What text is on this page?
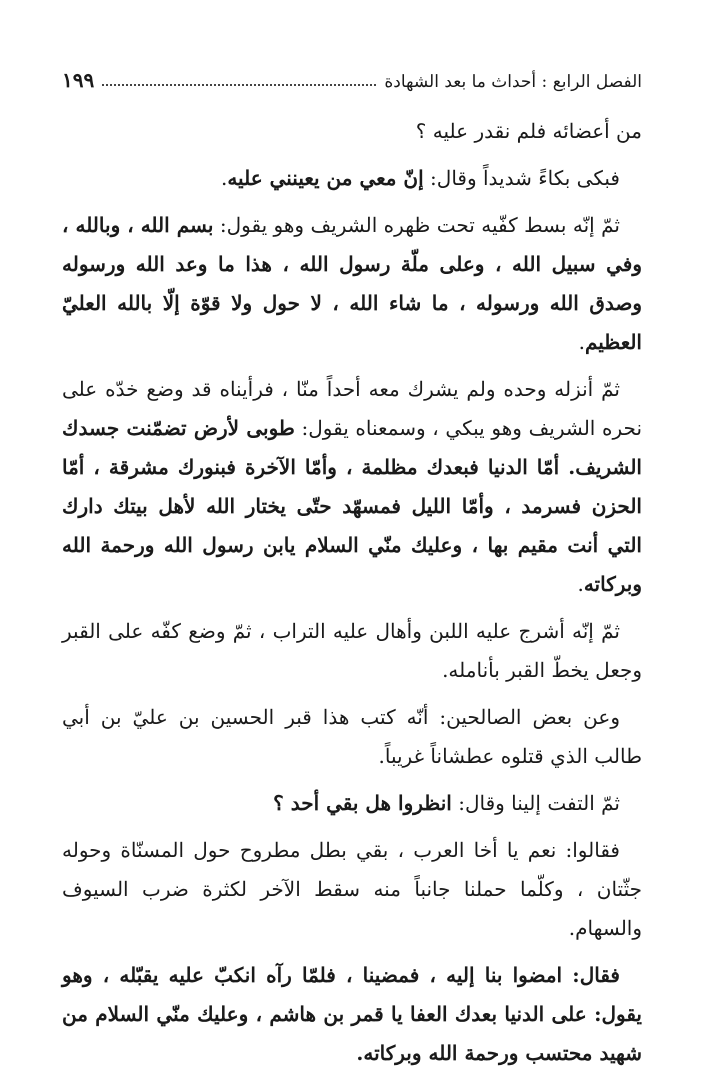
الفصل الرابع : أحداث ما بعد الشهادة
١٩٩

من أعضائه فلم نقدر عليه ؟

فبكى بكاءً شديداً وقال: إنّ معي من يعينني عليه.

ثمّ إنّه بسط كفّيه تحت ظهره الشريف وهو يقول: بسم الله ، وبالله ، وفي سبيل الله ، وعلى ملّة رسول الله ، هذا ما وعد الله ورسوله وصدق الله ورسوله ، ما شاء الله ، لا حول ولا قوّة إلّا بالله العليّ العظيم.

ثمّ أنزله وحده ولم يشرك معه أحداً منّا ، فرأيناه قد وضع خدّه على نحره الشريف وهو يبكي ، وسمعناه يقول: طوبى لأرض تضمّنت جسدك الشريف. أمّا الدنيا فبعدك مظلمة ، وأمّا الآخرة فبنورك مشرقة ، أمّا الحزن فسرمد ، وأمّا الليل فمسهّد حتّى يختار الله لأهل بيتك دارك التي أنت مقيم بها ، وعليك منّي السلام يابن رسول الله ورحمة الله وبركاته.

ثمّ إنّه أشرج عليه اللبن وأهال عليه التراب ، ثمّ وضع كفّه على القبر وجعل يخطّ القبر بأنامله.

وعن بعض الصالحين: أنّه كتب هذا قبر الحسين بن عليّ بن أبي طالب الذي قتلوه عطشاناً غريباً.

ثمّ التفت إلينا وقال: انظروا هل بقي أحد ؟

فقالوا: نعم يا أخا العرب ، بقي بطل مطروح حول المسنّاة وحوله جثّتان ، وكلّما حملنا جانباً منه سقط الآخر لكثرة ضرب السيوف والسهام.

فقال: امضوا بنا إليه ، فمضينا ، فلمّا رآه انكبّ عليه يقبّله ، وهو يقول: على الدنيا بعدك العفا يا قمر بن هاشم ، وعليك منّي السلام من شهيد محتسب ورحمة الله وبركاته.
